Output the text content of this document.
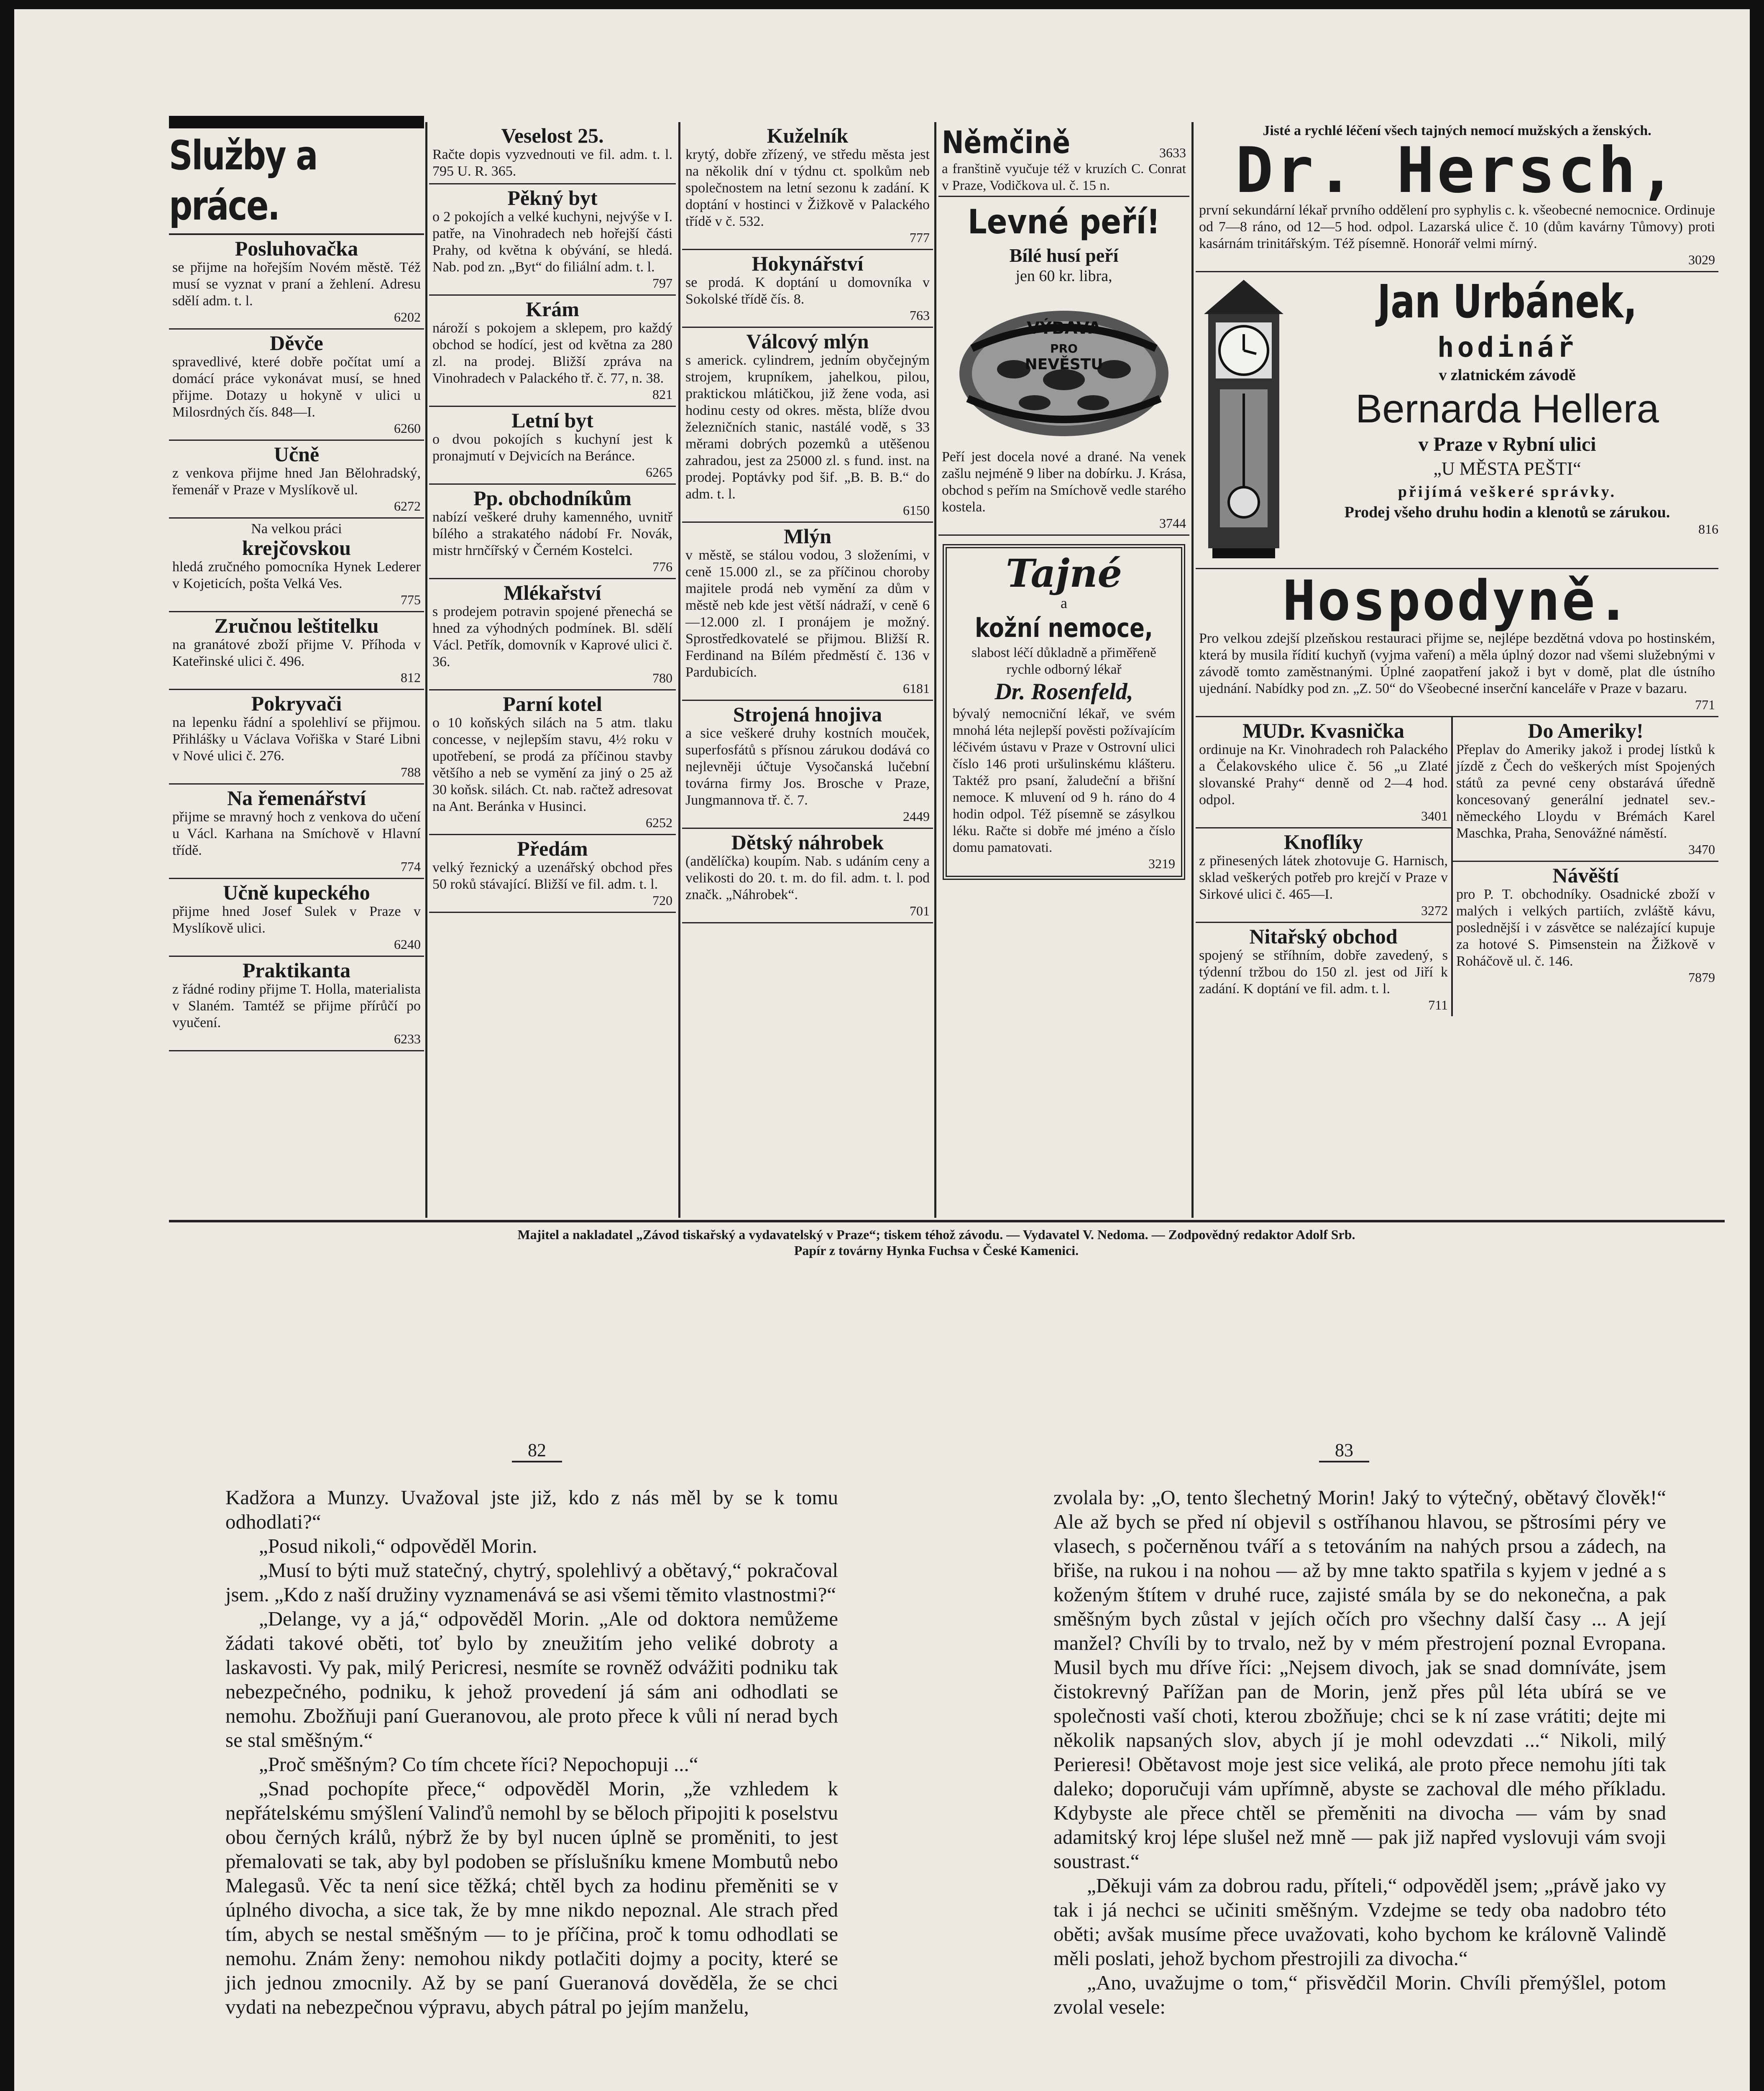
Služby a práce.
Posluhovačka

se přijme na hořejším Novém městě. Též musí se vyznat v praní a žehlení. Adresu sdělí adm. t. l.

6202
Děvče

spravedlivé, které dobře počítat umí a domácí práce vykonávat musí, se hned přijme. Dotazy u hokyně v ulici u Milosrdných čís. 848—I.

6260
Učně

z venkova přijme hned Jan Bělohradský, řemenář v Praze v Myslíkově ul.

6272
Na velkou práci
krejčovskou

hledá zručného pomocníka Hynek Lederer v Kojeticích, pošta Velká Ves.

775
Zručnou leštitelku

na granátové zboží přijme V. Příhoda v Kateřinské ulici č. 496.

812
Pokryvači

na lepenku řádní a spolehliví se přijmou. Přihlášky u Václava Vořiška v Staré Libni v Nové ulici č. 276.

788
Na řemenářství

přijme se mravný hoch z venkova do učení u Václ. Karhana na Smíchově v Hlavní třídě.

774
Učně kupeckého

přijme hned Josef Sulek v Praze v Myslíkově ulici.

6240
Praktikanta

z řádné rodiny přijme T. Holla, materialista v Slaném. Tamtéž se přijme přírůčí po vyučení.

6233
Veselost 25.

Račte dopis vyzvednouti ve fil. adm. t. l. 795 U. R. 365.

Pěkný byt

o 2 pokojích a velké kuchyni, nejvýše v I. patře, na Vinohradech neb hořejší části Prahy, od května k obývání, se hledá. Nab. pod zn. „Byt“ do filiální adm. t. l.

797
Krám

nároží s pokojem a sklepem, pro každý obchod se hodící, jest od května za 280 zl. na prodej. Bližší zpráva na Vinohradech v Palackého tř. č. 77, n. 38.

821
Letní byt

o dvou pokojích s kuchyní jest k pronajmutí v Dejvicích na Beránce.

6265
Pp. obchodníkům

nabízí veškeré druhy kamenného, uvnitř bílého a strakatého nádobí Fr. Novák, mistr hrnčířský v Černém Kostelci.

776
Mlékařství

s prodejem potravin spojené přenechá se hned za výhodných podmínek. Bl. sdělí Václ. Petřík, domovník v Kaprové ulici č. 36.

780
Parní kotel

o 10 koňských silách na 5 atm. tlaku concesse, v nejlepším stavu, 4½ roku v upotřebení, se prodá za příčinou stavby většího a neb se vymění za jiný o 25 až 30 koňsk. silách. Ct. nab. račtež adresovat na Ant. Beránka v Husinci.

6252
Předám

velký řeznický a uzenářský obchod přes 50 roků stávající. Bližší ve fil. adm. t. l.

720
Kuželník

krytý, dobře zřízený, ve středu města jest na několik dní v týdnu ct. spolkům neb společnostem na letní sezonu k zadání. K doptání v hostinci v Žižkově v Palackého třídě v č. 532.

777
Hokynářství

se prodá. K doptání u domovníka v Sokolské třídě čís. 8.

763
Válcový mlýn

s americk. cylindrem, jedním obyčejným strojem, krupníkem, jahelkou, pilou, praktickou mlátičkou, již žene voda, asi hodinu cesty od okres. města, blíže dvou železničních stanic, nastálé vodě, s 33 měrami dobrých pozemků a utěšenou zahradou, jest za 25000 zl. s fund. inst. na prodej. Poptávky pod šif. „B. B. B.“ do adm. t. l.

6150
Mlýn

v městě, se stálou vodou, 3 složeními, v ceně 15.000 zl., se za příčinou choroby majitele prodá neb vymění za dům v městě neb kde jest větší nádraží, v ceně 6—12.000 zl. I pronájem je možný. Sprostředkovatelé se přijmou. Bližší R. Ferdinand na Bílém předměstí č. 136 v Pardubicích.

6181
Strojená hnojiva

a sice veškeré druhy kostních mouček, superfosfátů s přísnou zárukou dodává co nejlevněji účtuje Vysočanská lučební továrna firmy Jos. Brosche v Praze, Jungmannova tř. č. 7.

2449
Dětský náhrobek

(andělíčka) koupím. Nab. s udáním ceny a velikosti do 20. t. m. do fil. adm. t. l. pod značk. „Náhrobek“.

701
Němčině	3633

a franštině vyučuje též v kruzích C. Conrat v Praze, Vodičkova ul. č. 15 n.

Levné peří!
Bílé husí peří
jen 60 kr. libra,
VÝBAVA
PRO
NEVĚSTU

Peří jest docela nové a drané. Na venek zašlu nejméně 9 liber na dobírku. J. Krása, obchod s peřím na Smíchově vedle starého kostela.

3744
Tajné
a
kožní nemoce,

slabost léčí důkladně a přiměřeně rychle odborný lékař

Dr. Rosenfeld,

bývalý nemocniční lékař, ve svém mnohá léta nejlepší pověsti požívajícím léčivém ústavu v Praze v Ostrovní ulici číslo 146 proti uršulinskému klášteru. Taktéž pro psaní, žaludeční a břišní nemoce. K mluvení od 9 h. ráno do 4 hodin odpol. Též písemně se zásylkou léku. Račte si dobře mé jméno a číslo domu pamatovati.

3219
Jisté a rychlé léčení všech tajných nemocí mužských a ženských.
Dr. Hersch,

první sekundární lékař prvního oddělení pro syphylis c. k. všeobecné nemocnice. Ordinuje od 7—8 ráno, od 12—5 hod. odpol. Lazarská ulice č. 10 (dům kavárny Tůmovy) proti kasárnám trinitářským. Též písemně. Honorář velmi mírný.

3029
Jan Urbánek,
hodinář
v zlatnickém závodě
Bernarda Hellera
v Praze v Rybní ulici
„U MĚSTA PEŠTI“
přijímá veškeré správky.
Prodej všeho druhu hodin a klenotů se zárukou.
816
Hospodyně.

Pro velkou zdejší plzeňskou restauraci přijme se, nejlépe bezdětná vdova po hostinském, která by musila řídití kuchyň (vyjma vaření) a měla úplný dozor nad všemi služebnými v závodě tomto zaměstnanými. Úplné zaopatření jakož i byt v domě, plat dle ústního ujednání. Nabídky pod zn. „Z. 50“ do Všeobecné inserční kanceláře v Praze v bazaru.

771
MUDr. Kvasnička

ordinuje na Kr. Vinohradech roh Palackého a Čelakovského ulice č. 56 „u Zlaté slovanské Prahy“ denně od 2—4 hod. odpol.

3401
Knoflíky

z přinesených látek zhotovuje G. Harnisch, sklad veškerých potřeb pro krejčí v Praze v Sirkové ulici č. 465—I.

3272
Nitařský obchod

spojený se stříhním, dobře zavedený, s týdenní tržbou do 150 zl. jest od Jiří k zadání. K doptání ve fil. adm. t. l.

711
Do Ameriky!

Přeplav do Ameriky jakož i prodej lístků k jízdě z Čech do veškerých míst Spojených států za pevné ceny obstarává úředně koncesovaný generální jednatel sev.-německého Lloydu v Brémách Karel Maschka, Praha, Senovážné náměstí.

3470
Návěští

pro P. T. obchodníky. Osadnické zboží v malých i velkých partiích, zvláště kávu, poslednější i v zásvětce se nalézající kupuje za hotové S. Pimsenstein na Žižkově v Roháčově ul. č. 146.

7879
Majitel a nakladatel „Závod tiskařský a vydavatelský v Praze“; tiskem téhož závodu. — Vydavatel V. Nedoma. — Zodpovědný redaktor Adolf Srb.
Papír z továrny Hynka Fuchsa v České Kamenici.
82	83

Kadžora a Munzy. Uvažoval jste již, kdo z nás měl by se k tomu odhodlati?“

„Posud nikoli,“ odpověděl Morin.

„Musí to býti muž statečný, chytrý, spolehlivý a obětavý,“ pokračoval jsem. „Kdo z naší družiny vyznamenává se asi všemi těmito vlastnostmi?“

„Delange, vy a já,“ odpověděl Morin. „Ale od doktora nemůžeme žádati takové oběti, toť bylo by zneužitím jeho veliké dobroty a laskavosti. Vy pak, milý Pericresi, nesmíte se rovněž odvážiti podniku tak nebezpečného, podniku, k jehož provedení já sám ani odhodlati se nemohu. Zbožňuji paní Gueranovou, ale proto přece k vůli ní nerad bych se stal směšným.“

„Proč směšným? Co tím chcete říci? Nepochopuji ...“

„Snad pochopíte přece,“ odpověděl Morin, „že vzhledem k nepřátelskému smýšlení Valinďů nemohl by se běloch připojiti k poselstvu obou černých králů, nýbrž že by byl nucen úplně se proměniti, to jest přemalovati se tak, aby byl podoben se příslušníku kmene Mombutů nebo Malegasů. Věc ta není sice těžká; chtěl bych za hodinu přeměniti se v úplného divocha, a sice tak, že by mne nikdo nepoznal. Ale strach před tím, abych se nestal směšným — to je příčina, proč k tomu odhodlati se nemohu. Znám ženy: nemohou nikdy potlačiti dojmy a pocity, které se jich jednou zmocnily. Až by se paní Gueranová dověděla, že se chci vydati na nebezpečnou výpravu, abych pátral po jejím manželu,

zvolala by: „O, tento šlechetný Morin! Jaký to výtečný, obětavý člověk!“ Ale až bych se před ní objevil s ostříhanou hlavou, se pštrosími péry ve vlasech, s počerněnou tváří a s tetováním na nahých prsou a zádech, na břiše, na rukou i na nohou — až by mne takto spatřila s kyjem v jedné a s koženým štítem v druhé ruce, zajisté smála by se do nekonečna, a pak směšným bych zůstal v jejích očích pro všechny další časy ... A její manžel? Chvíli by to trvalo, než by v mém přestrojení poznal Evropana. Musil bych mu dříve říci: „Nejsem divoch, jak se snad domníváte, jsem čistokrevný Pařížan pan de Morin, jenž přes půl léta ubírá se ve společnosti vaší choti, kterou zbožňuje; chci se k ní zase vrátiti; dejte mi několik napsaných slov, abych jí je mohl odevzdati ...“ Nikoli, milý Perieresi! Obětavost moje jest sice veliká, ale proto přece nemohu jíti tak daleko; doporučuji vám upřímně, abyste se zachoval dle mého příkladu. Kdybyste ale přece chtěl se přeměniti na divocha — vám by snad adamitský kroj lépe slušel než mně — pak již napřed vyslovuji vám svoji soustrast.“

„Děkuji vám za dobrou radu, příteli,“ odpověděl jsem; „právě jako vy tak i já nechci se učiniti směšným. Vzdejme se tedy oba nadobro této oběti; avšak musíme přece uvažovati, koho bychom ke královně Valindě měli poslati, jehož bychom přestrojili za divocha.“

„Ano, uvažujme o tom,“ přisvědčil Morin. Chvíli přemýšlel, potom zvolal vesele:
